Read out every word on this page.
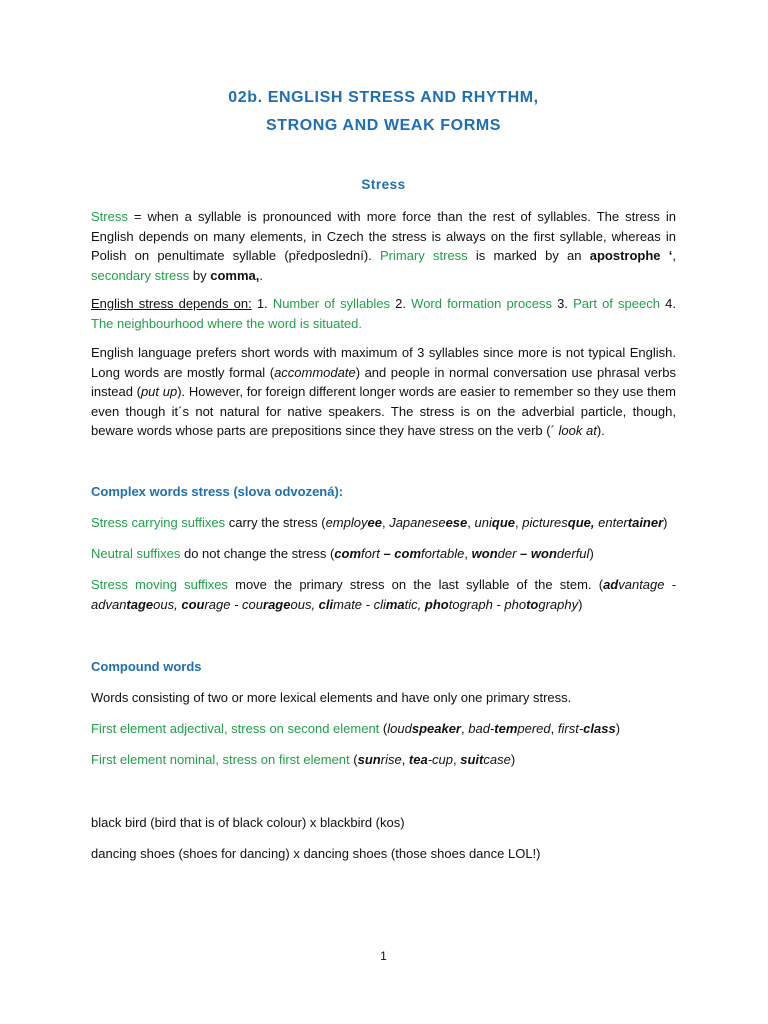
02b. ENGLISH STRESS AND RHYTHM,
STRONG AND WEAK FORMS
Stress
Stress = when a syllable is pronounced with more force than the rest of syllables. The stress in English depends on many elements, in Czech the stress is always on the first syllable, whereas in Polish on penultimate syllable (předposlední). Primary stress is marked by an apostrophe ‘, secondary stress by comma,.
English stress depends on: 1. Number of syllables 2. Word formation process 3. Part of speech 4. The neighbourhood where the word is situated.
English language prefers short words with maximum of 3 syllables since more is not typical English. Long words are mostly formal (accommodate) and people in normal conversation use phrasal verbs instead (put up). However, for foreign different longer words are easier to remember so they use them even though it´s not natural for native speakers. The stress is on the adverbial particle, though, beware words whose parts are prepositions since they have stress on the verb (´ look at).
Complex words stress (slova odvozená):
Stress carrying suffixes carry the stress (employee, Japaneseese, unique, picturesque, entertainer)
Neutral suffixes do not change the stress (comfort – comfortable, wonder – wonderful)
Stress moving suffixes move the primary stress on the last syllable of the stem. (advantage - advantageous, courage - courageous, climate - climatic, photograph - photography)
Compound words
Words consisting of two or more lexical elements and have only one primary stress.
First element adjectival, stress on second element (loudspeaker, bad-tempered, first-class)
First element nominal, stress on first element (sunrise, tea-cup, suitcase)
black bird (bird that is of black colour) x blackbird (kos)
dancing shoes (shoes for dancing) x dancing shoes (those shoes dance LOL!)
1
